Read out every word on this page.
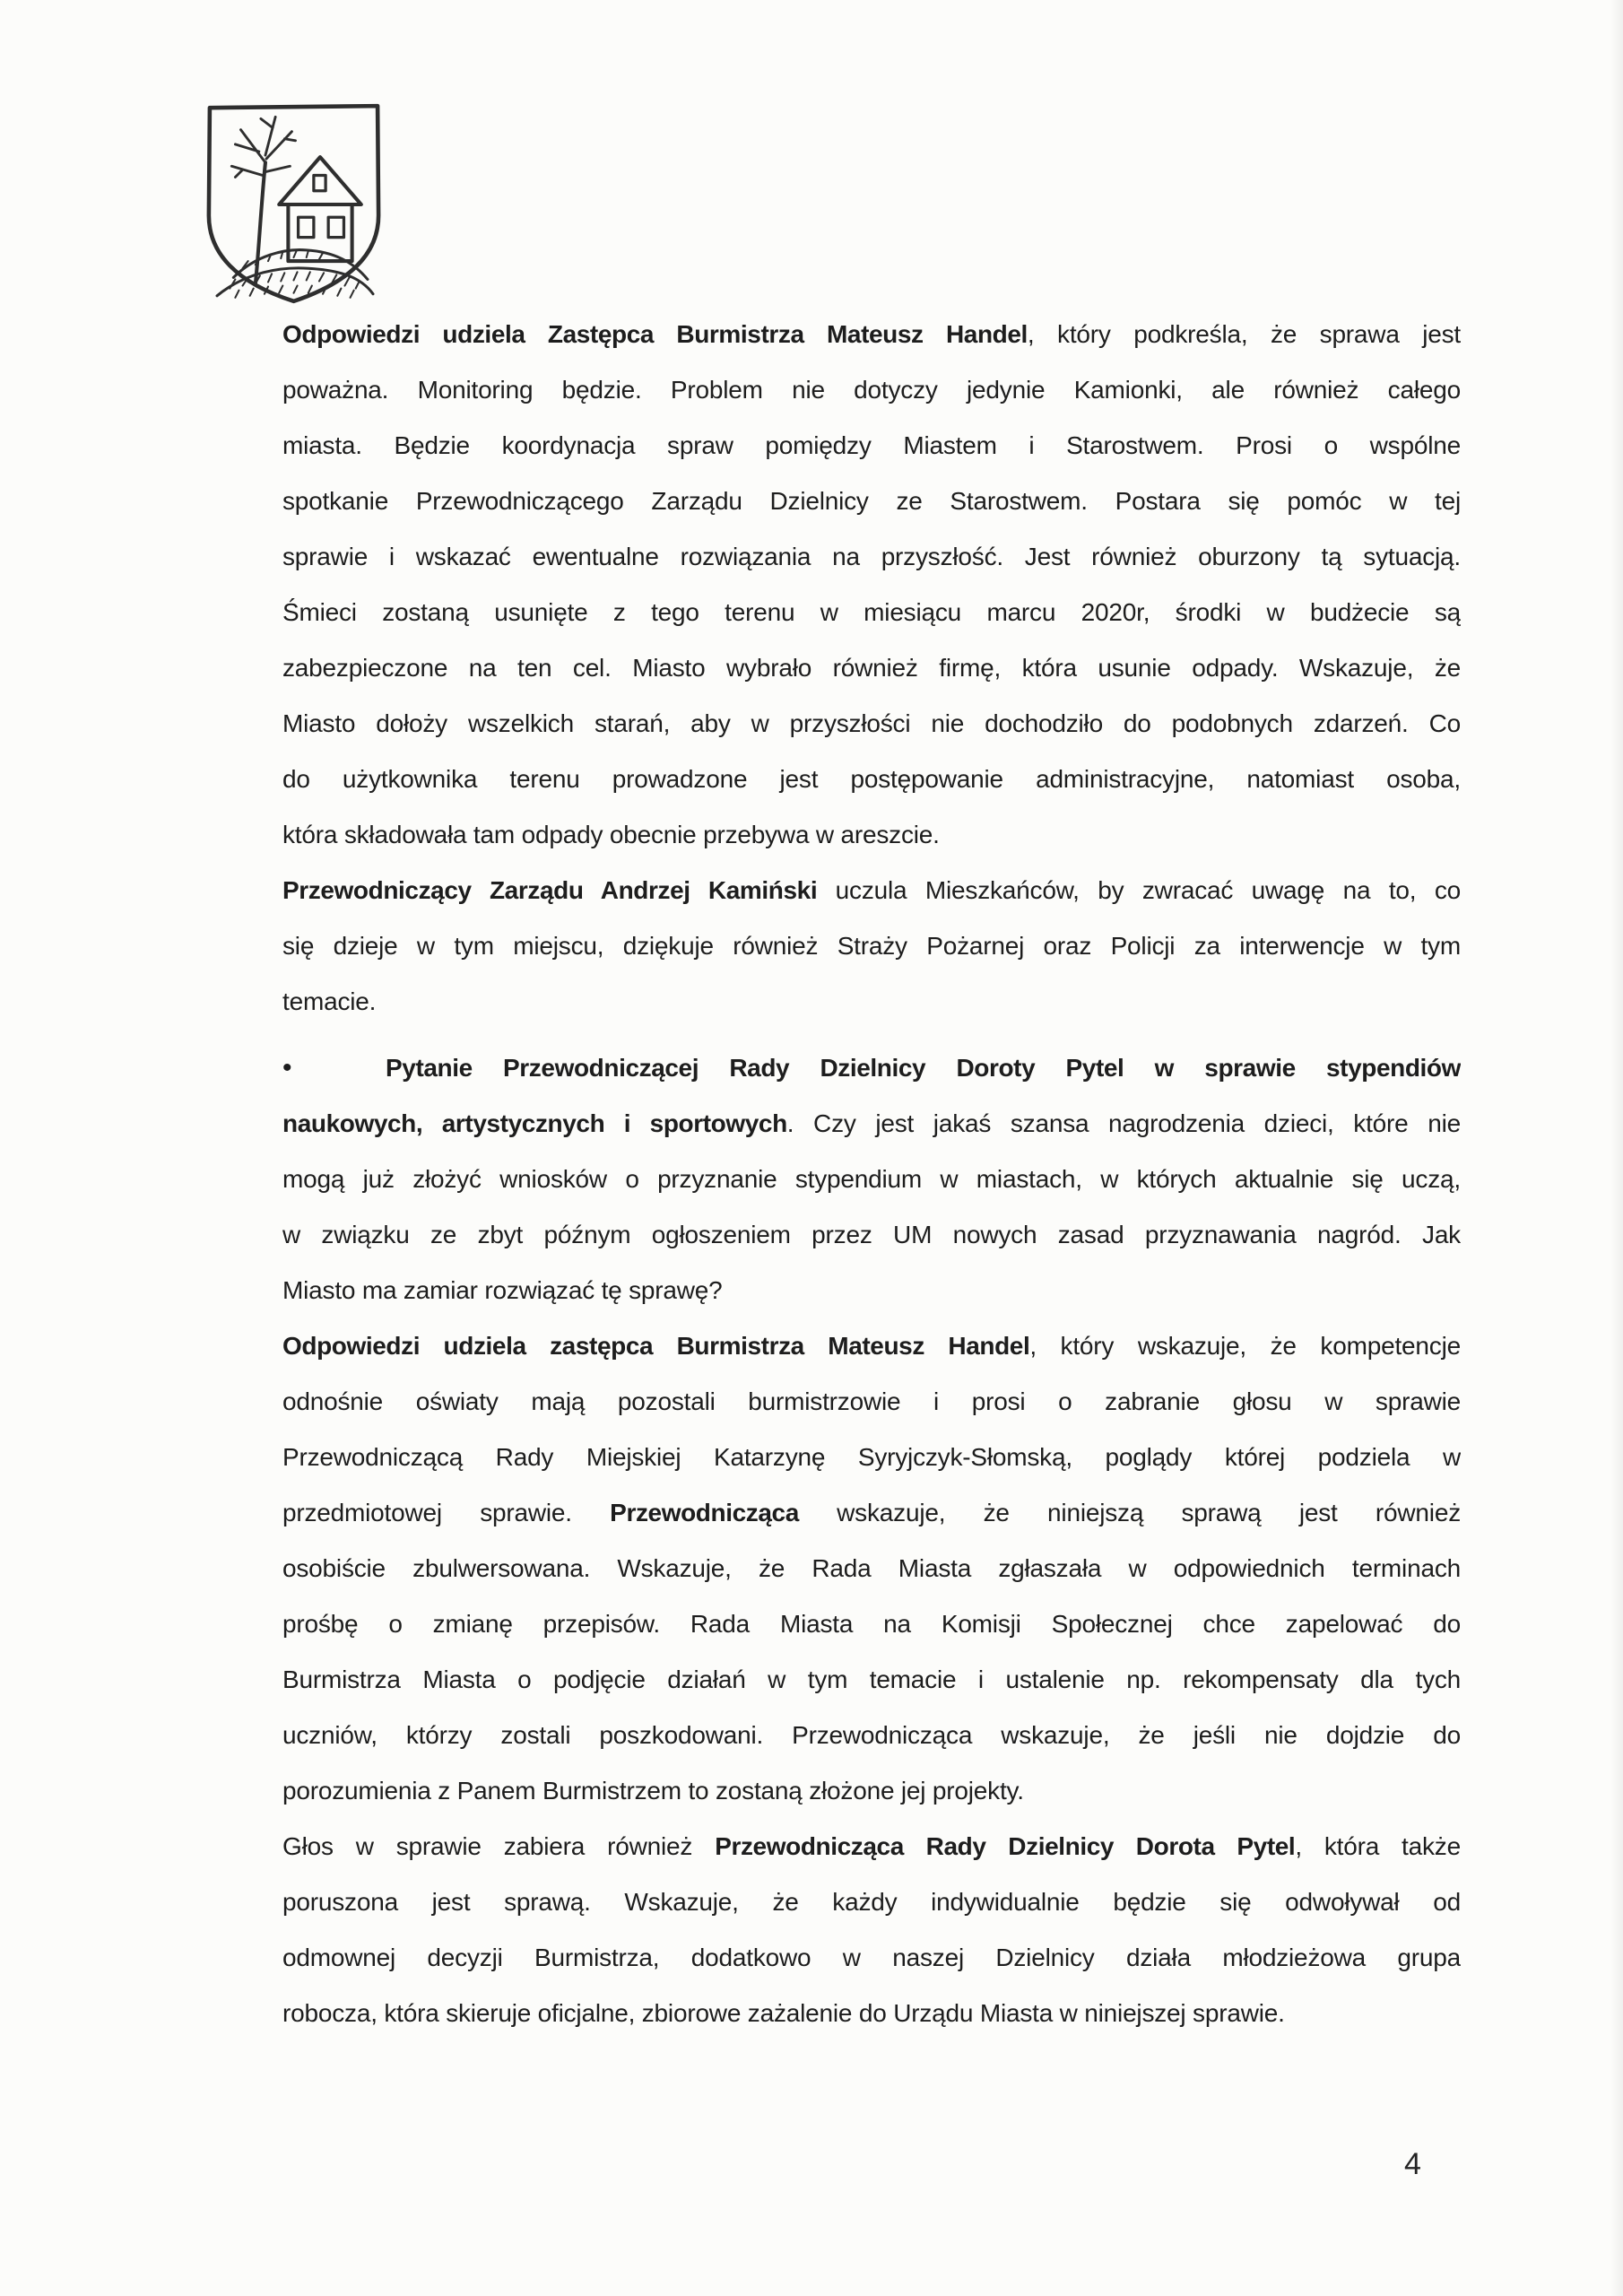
Odpowiedzi udziela Zastępca Burmistrza Mateusz Handel, który podkreśla, że sprawa jest
poważna. Monitoring będzie. Problem nie dotyczy jedynie Kamionki, ale również całego
miasta. Będzie koordynacja spraw pomiędzy Miastem i Starostwem. Prosi o wspólne
spotkanie Przewodniczącego Zarządu Dzielnicy ze Starostwem. Postara się pomóc w tej
sprawie i wskazać ewentualne rozwiązania na przyszłość. Jest również oburzony tą sytuacją.
Śmieci zostaną usunięte z tego terenu w miesiącu marcu 2020r, środki w budżecie są
zabezpieczone na ten cel. Miasto wybrało również firmę, która usunie odpady. Wskazuje, że
Miasto dołoży wszelkich starań, aby w przyszłości nie dochodziło do podobnych zdarzeń. Co
do użytkownika terenu prowadzone jest postępowanie administracyjne, natomiast osoba,
która składowała tam odpady obecnie przebywa w areszcie.
Przewodniczący Zarządu Andrzej Kamiński uczula Mieszkańców, by zwracać uwagę na to, co
się dzieje w tym miejscu, dziękuje również Straży Pożarnej oraz Policji za interwencje w tym
temacie.
•	Pytanie Przewodniczącej Rady Dzielnicy Doroty Pytel w sprawie stypendiów
naukowych, artystycznych i sportowych. Czy jest jakaś szansa nagrodzenia dzieci, które nie
mogą już złożyć wniosków o przyznanie stypendium w miastach, w których aktualnie się uczą,
w związku ze zbyt późnym ogłoszeniem przez UM nowych zasad przyznawania nagród. Jak
Miasto ma zamiar rozwiązać tę sprawę?
Odpowiedzi udziela zastępca Burmistrza Mateusz Handel, który wskazuje, że kompetencje
odnośnie oświaty mają pozostali burmistrzowie i prosi o zabranie głosu w sprawie
Przewodniczącą Rady Miejskiej Katarzynę Syryjczyk-Słomską, poglądy której podziela w
przedmiotowej sprawie. Przewodnicząca wskazuje, że niniejszą sprawą jest również
osobiście zbulwersowana. Wskazuje, że Rada Miasta zgłaszała w odpowiednich terminach
prośbę o zmianę przepisów. Rada Miasta na Komisji Społecznej chce zapelować do
Burmistrza Miasta o podjęcie działań w tym temacie i ustalenie np. rekompensaty dla tych
uczniów, którzy zostali poszkodowani. Przewodnicząca wskazuje, że jeśli nie dojdzie do
porozumienia z Panem Burmistrzem to zostaną złożone jej projekty.
Głos w sprawie zabiera również Przewodnicząca Rady Dzielnicy Dorota Pytel, która także
poruszona jest sprawą. Wskazuje, że każdy indywidualnie będzie się odwoływał od
odmownej decyzji Burmistrza, dodatkowo w naszej Dzielnicy działa młodzieżowa grupa
robocza, która skieruje oficjalne, zbiorowe zażalenie do Urządu Miasta w niniejszej sprawie.
4
